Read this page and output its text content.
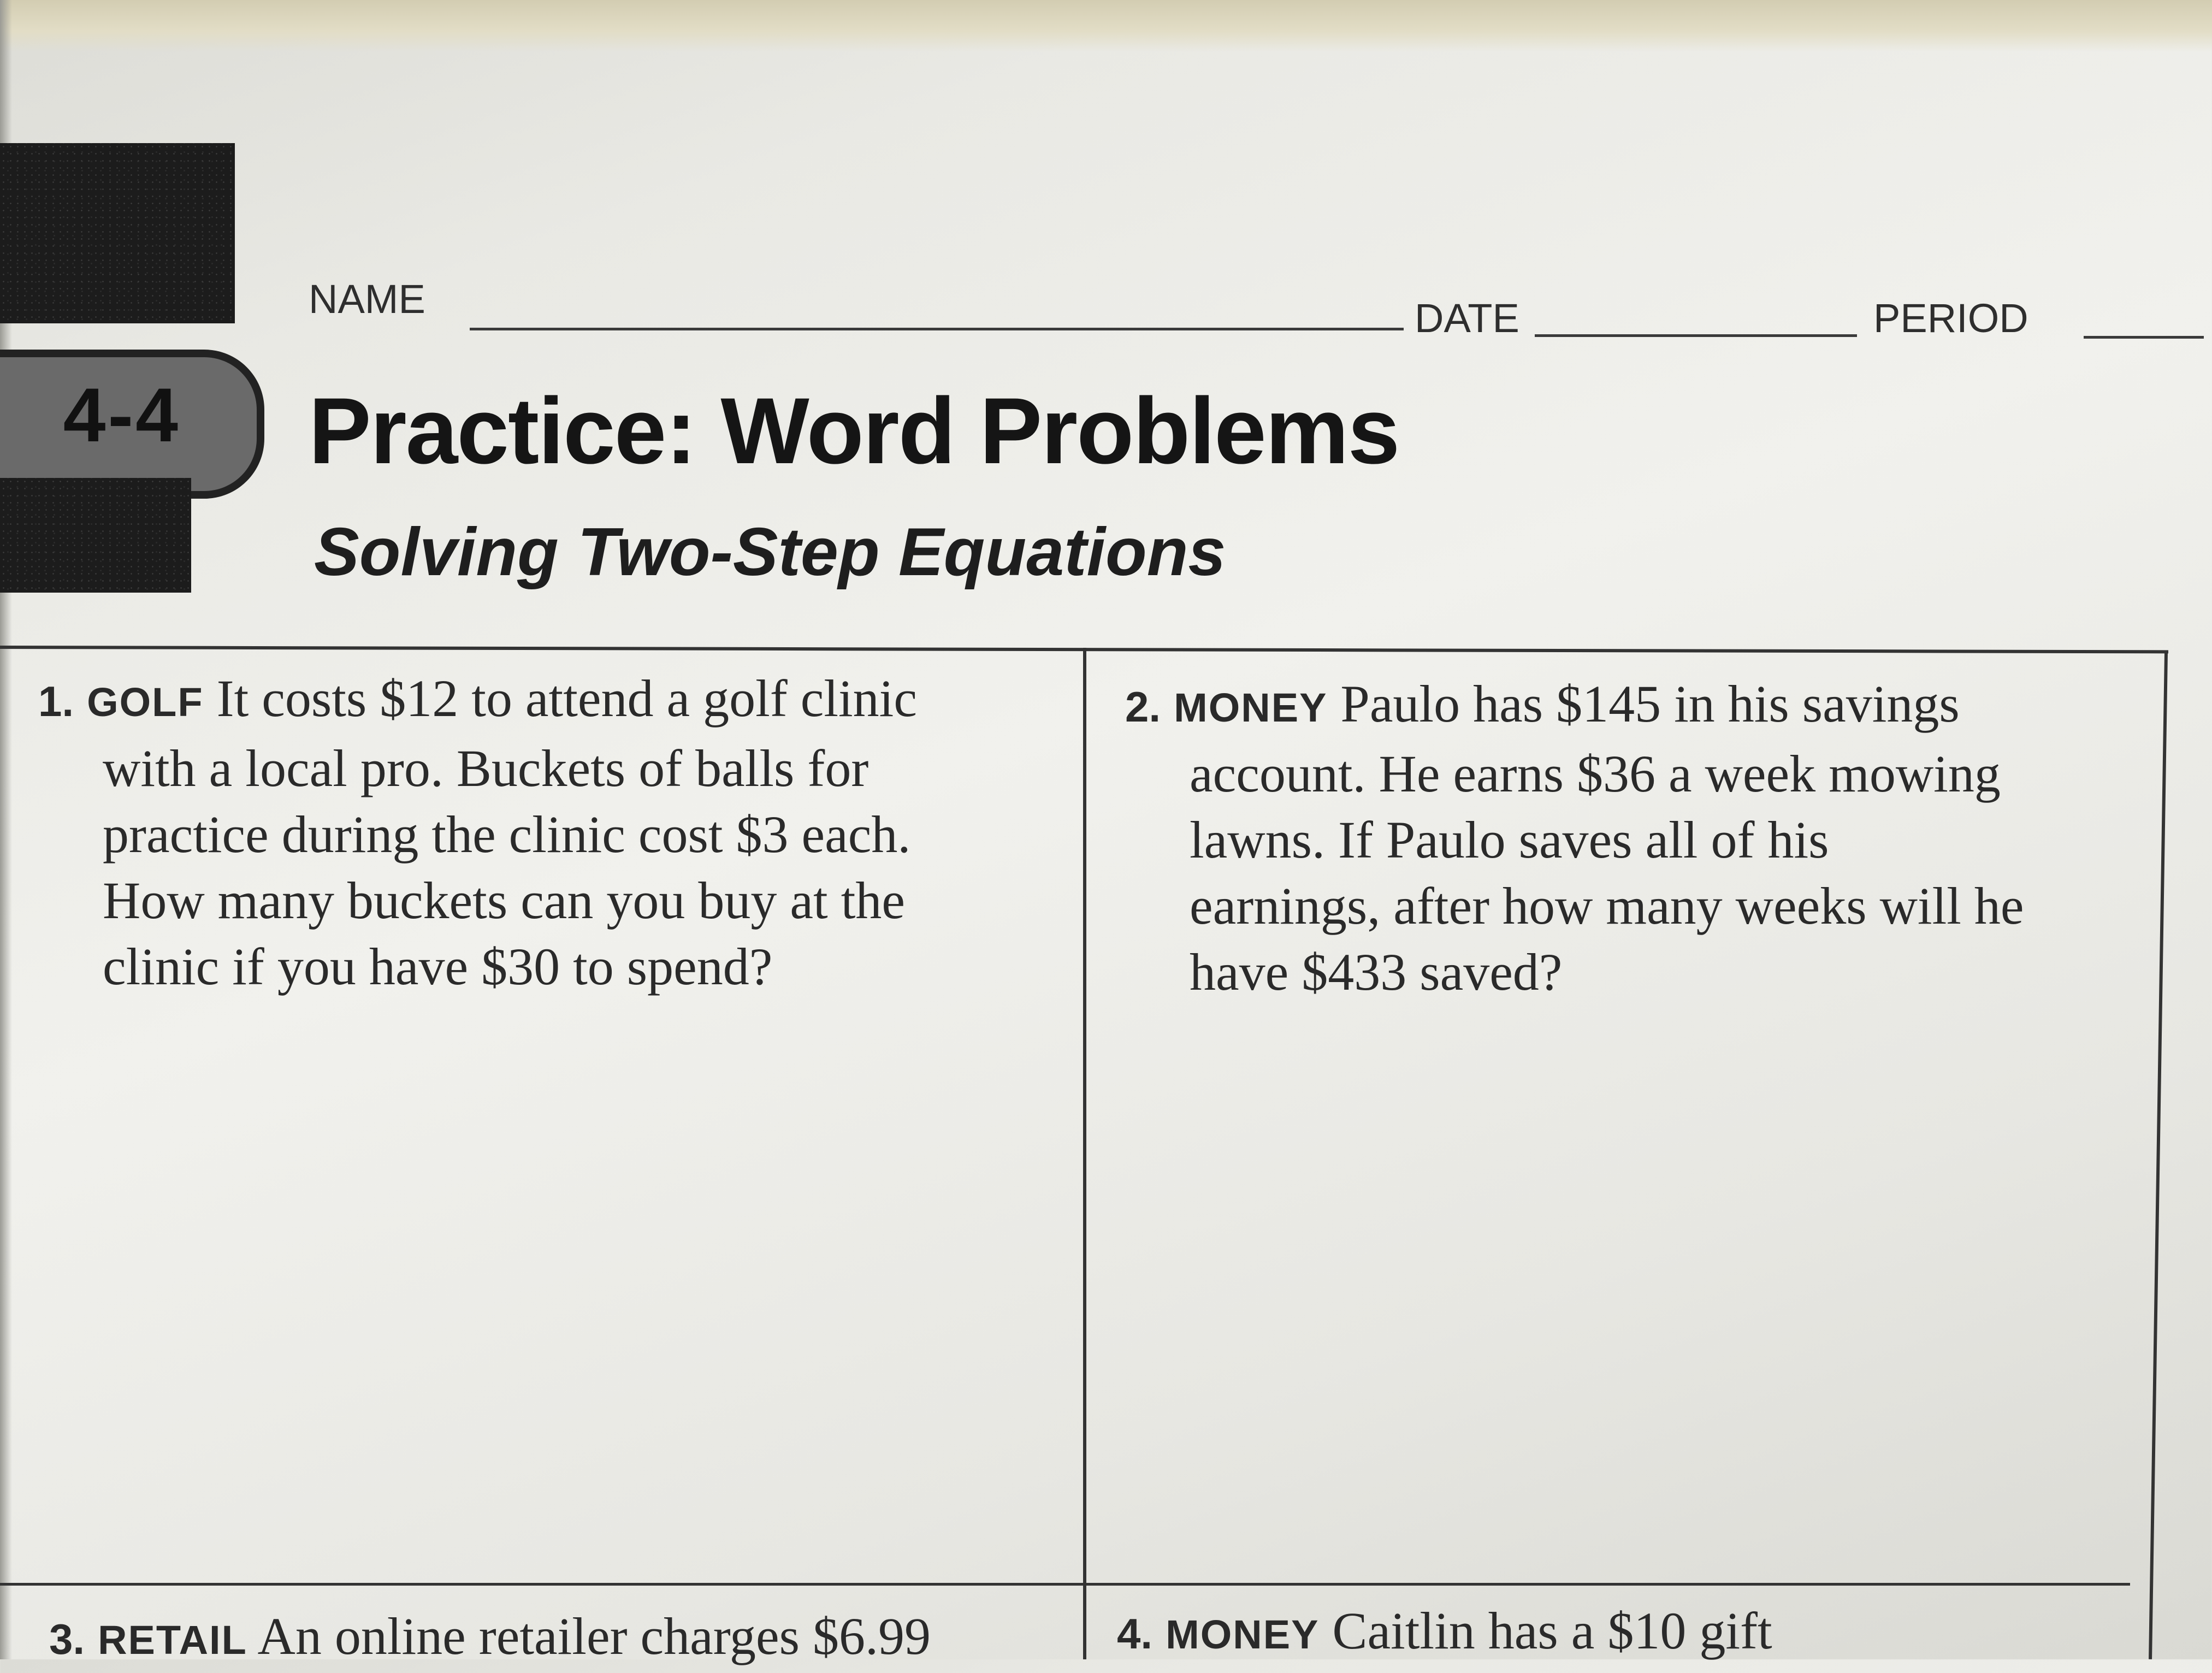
4-4
NAME	DATE	PERIOD
Practice: Word Problems
Solving Two-Step Equations
1. GOLF It costs $12 to attend a golf clinic
with a local pro. Buckets of balls for
practice during the clinic cost $3 each.
How many buckets can you buy at the
clinic if you have $30 to spend?
2. MONEY Paulo has $145 in his savings
account. He earns $36 a week mowing
lawns. If Paulo saves all of his
earnings, after how many weeks will he
have $433 saved?
3. RETAIL An online retailer charges $6.99	4. MONEY Caitlin has a $10 gift
